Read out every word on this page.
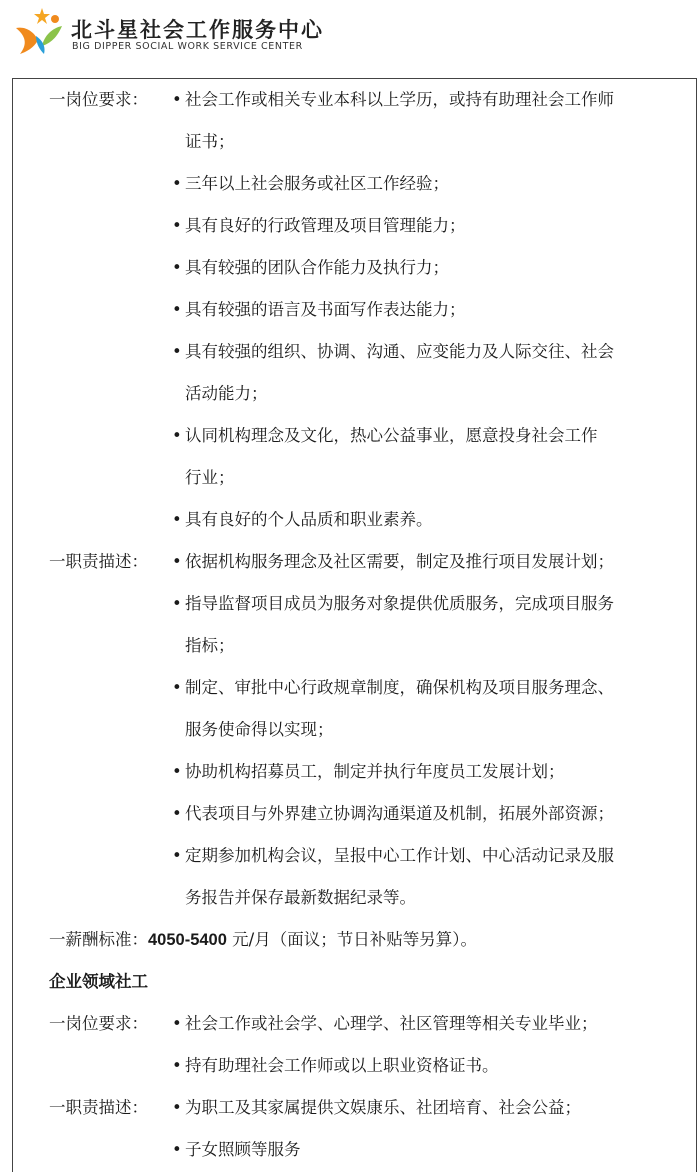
北斗星社会工作服务中心
BIG DIPPER SOCIAL WORK SERVICE CENTER
一岗位要求： • 社会工作或相关专业本科以上学历，或持有助理社会工作师
证书；
• 三年以上社会服务或社区工作经验；
• 具有良好的行政管理及项目管理能力；
• 具有较强的团队合作能力及执行力；
• 具有较强的语言及书面写作表达能力；
• 具有较强的组织、协调、沟通、应变能力及人际交往、社会
活动能力；
• 认同机构理念及文化，热心公益事业，愿意投身社会工作
行业；
• 具有良好的个人品质和职业素养。
一职责描述： • 依据机构服务理念及社区需要，制定及推行项目发展计划；
• 指导监督项目成员为服务对象提供优质服务，完成项目服务
指标；
• 制定、审批中心行政规章制度，确保机构及项目服务理念、
服务使命得以实现；
• 协助机构招募员工，制定并执行年度员工发展计划；
• 代表项目与外界建立协调沟通渠道及机制，拓展外部资源；
• 定期参加机构会议，呈报中心工作计划、中心活动记录及服
务报告并保存最新数据纪录等。
一薪酬标准：4050-5400 元/月（面议；节日补贴等另算）。
企业领域社工
一岗位要求： • 社会工作或社会学、心理学、社区管理等相关专业毕业；
• 持有助理社会工作师或以上职业资格证书。
一职责描述： • 为职工及其家属提供文娱康乐、社团培育、社会公益；
• 子女照顾等服务
